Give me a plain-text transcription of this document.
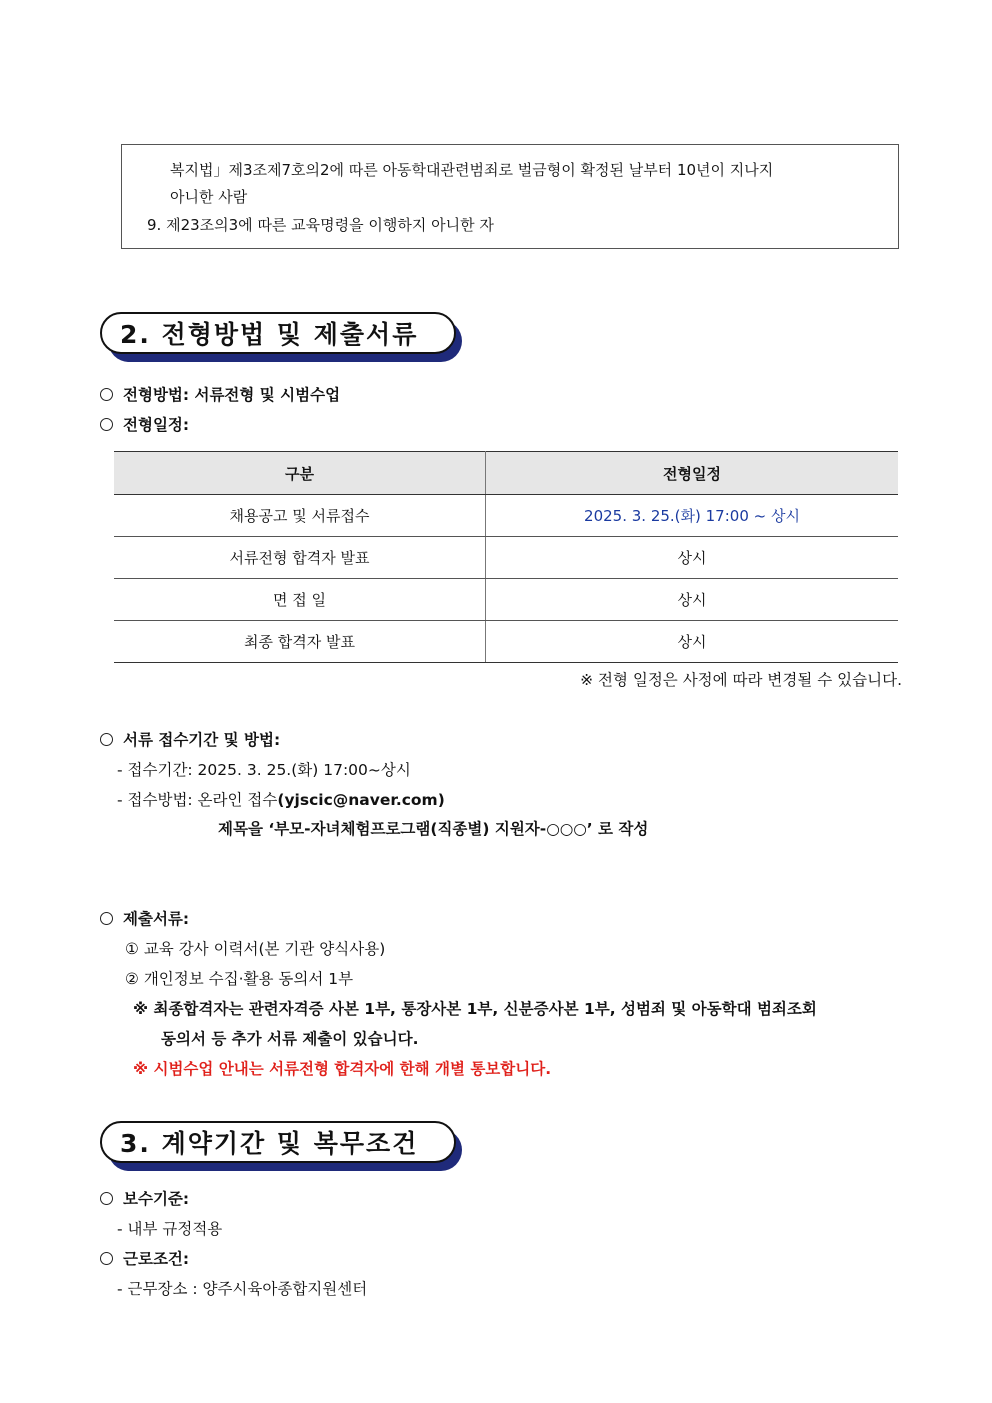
복지법」제3조제7호의2에 따른 아동학대관련범죄로 벌금형이 확정된 날부터 10년이 지나지
아니한 사람
9. 제23조의3에 따른 교육명령을 이행하지 아니한 자
2. 전형방법 및 제출서류
전형방법: 서류전형 및 시범수업
전형일정:
구분	전형일정
채용공고 및 서류접수	2025. 3. 25.(화) 17:00 ~ 상시
서류전형 합격자 발표	상시
면 접 일	상시
최종 합격자 발표	상시
※ 전형 일정은 사정에 따라 변경될 수 있습니다.
서류 접수기간 및 방법:
- 접수기간: 2025. 3. 25.(화) 17:00~상시
- 접수방법: 온라인 접수(yjscic@naver.com)
제목을 ‘부모-자녀체험프로그램(직종별) 지원자-○○○’ 로 작성
제출서류:
① 교육 강사 이력서(본 기관 양식사용)
② 개인정보 수집·활용 동의서 1부
※ 최종합격자는 관련자격증 사본 1부, 통장사본 1부, 신분증사본 1부, 성범죄 및 아동학대 범죄조회
동의서 등 추가 서류 제출이 있습니다.
※ 시범수업 안내는 서류전형 합격자에 한해 개별 통보합니다.
3. 계약기간 및 복무조건
보수기준:
- 내부 규정적용
근로조건:
- 근무장소 : 양주시육아종합지원센터
